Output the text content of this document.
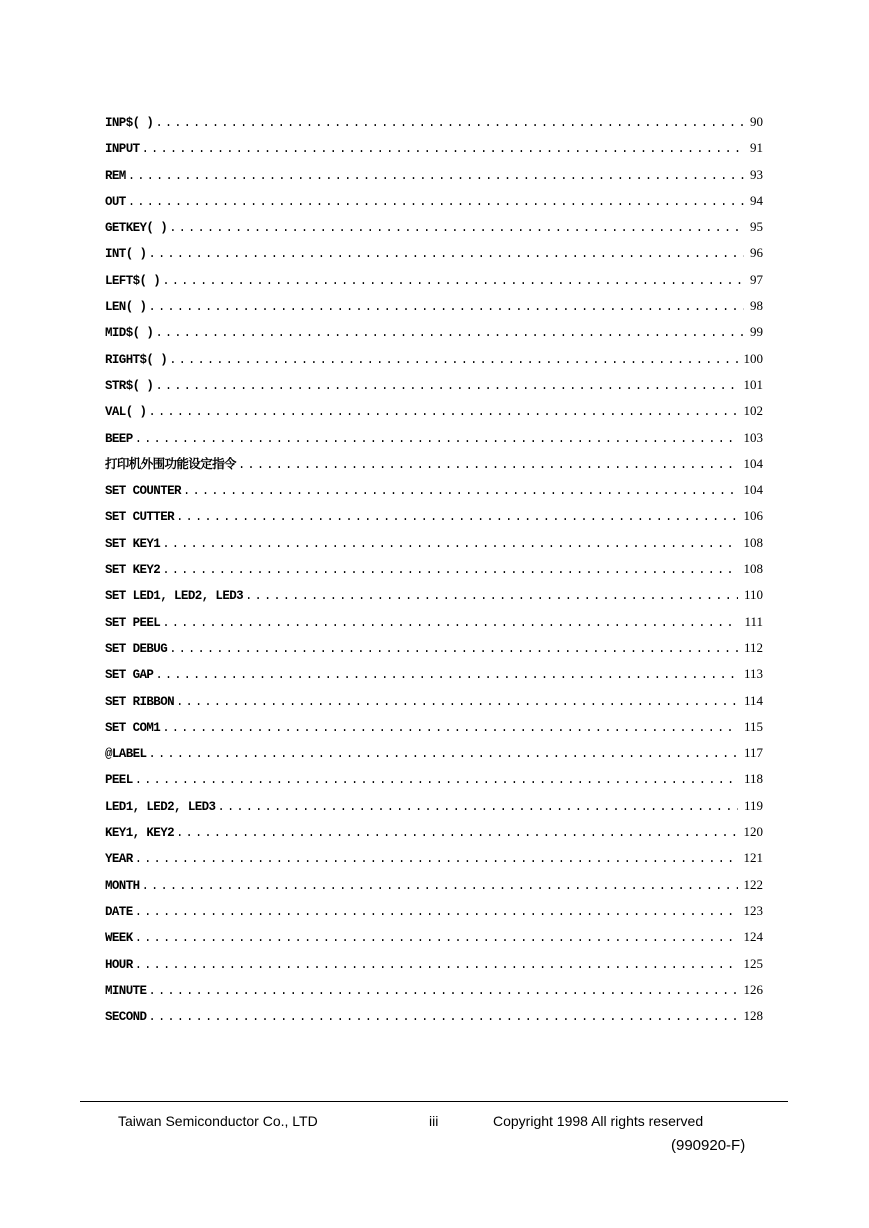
INP$( ) .....	90
INPUT .....	91
REM .....	93
OUT .....	94
GETKEY( ) .....	95
INT( ) .....	96
LEFT$( ) .....	97
LEN( ) .....	98
MID$( ) .....	99
RIGHT$( ) .....	100
STR$( ) .....	101
VAL( ) .....	102
BEEP .....	103
打印机外围功能设定指令 .....	104
SET COUNTER .....	104
SET CUTTER .....	106
SET KEY1 .....	108
SET KEY2 .....	108
SET LED1, LED2, LED3 .....	110
SET PEEL .....	111
SET DEBUG .....	112
SET GAP .....	113
SET RIBBON .....	114
SET COM1 .....	115
@LABEL .....	117
PEEL .....	118
LED1, LED2, LED3 .....	119
KEY1, KEY2 .....	120
YEAR .....	121
MONTH .....	122
DATE .....	123
WEEK .....	124
HOUR .....	125
MINUTE .....	126
SECOND .....	128
Taiwan Semiconductor Co., LTD	iii	Copyright 1998 All rights reserved
(990920-F)
